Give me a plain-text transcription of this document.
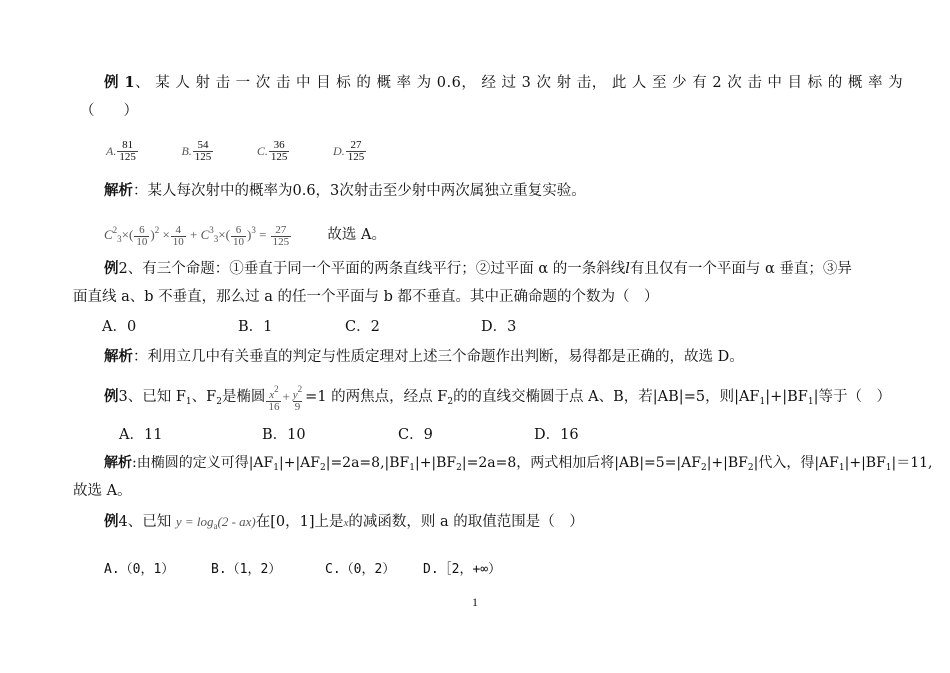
例 1、 某 人 射 击 一 次 击 中 目 标 的 概 率 为 0.6， 经 过 3 次 射 击， 此 人 至 少 有 2 次 击 中 目 标 的 概 率 为
（　　）
A. $\frac{81}{125}$
	B. $\frac{54}{125}$
	C. $\frac{36}{125}$
	D. $\frac{27}{125}$
解析：某人每次射中的概率为0.6，3次射击至少射中两次属独立重复实验。
$C^2_3\times( \frac{6}{10} )^2 \times \frac{4}{10} + C^3_3\times( \frac{6}{10} )^3 = \frac{27}{125}$	故选 A。
例2、有三个命题：①垂直于同一个平面的两条直线平行；②过平面 α 的一条斜线l有且仅有一个平面与 α 垂直；③异
面直线 a、b 不垂直，那么过 a 的任一个平面与 b 都不垂直。其中正确命题的个数为（　）
A．0	B．1	C．2	D．3
解析：利用立几中有关垂直的判定与性质定理对上述三个命题作出判断，易得都是正确的，故选 D。
例3、已知 $F_1$、$F_2$是椭圆 $\frac{x^2}{16} + \frac{y^2}{9} =1$ 的两焦点，经点 $F_2$的的直线交椭圆于点 A、B，若|AB|=5，则$|AF_1|+|BF_1|$等于（　）
A．11	B．10	C．9	D．16
解析:由椭圆的定义可得$|AF_1|+|AF_2|=2a=8,|BF_1|+|BF_2|=2a=8$，两式相加后将$|AB|=5=|AF_2|+|BF_2|$代入，得$|AF_1|+|BF_1|=11$,
故选 A。
例4、已知 $y = \log_a(2 - ax)$在[0，1]上是x的减函数，则 a 的取值范围是（　）
A.（0，1）	B.（1，2）	C.（0，2） D.［2，+∞）
1
